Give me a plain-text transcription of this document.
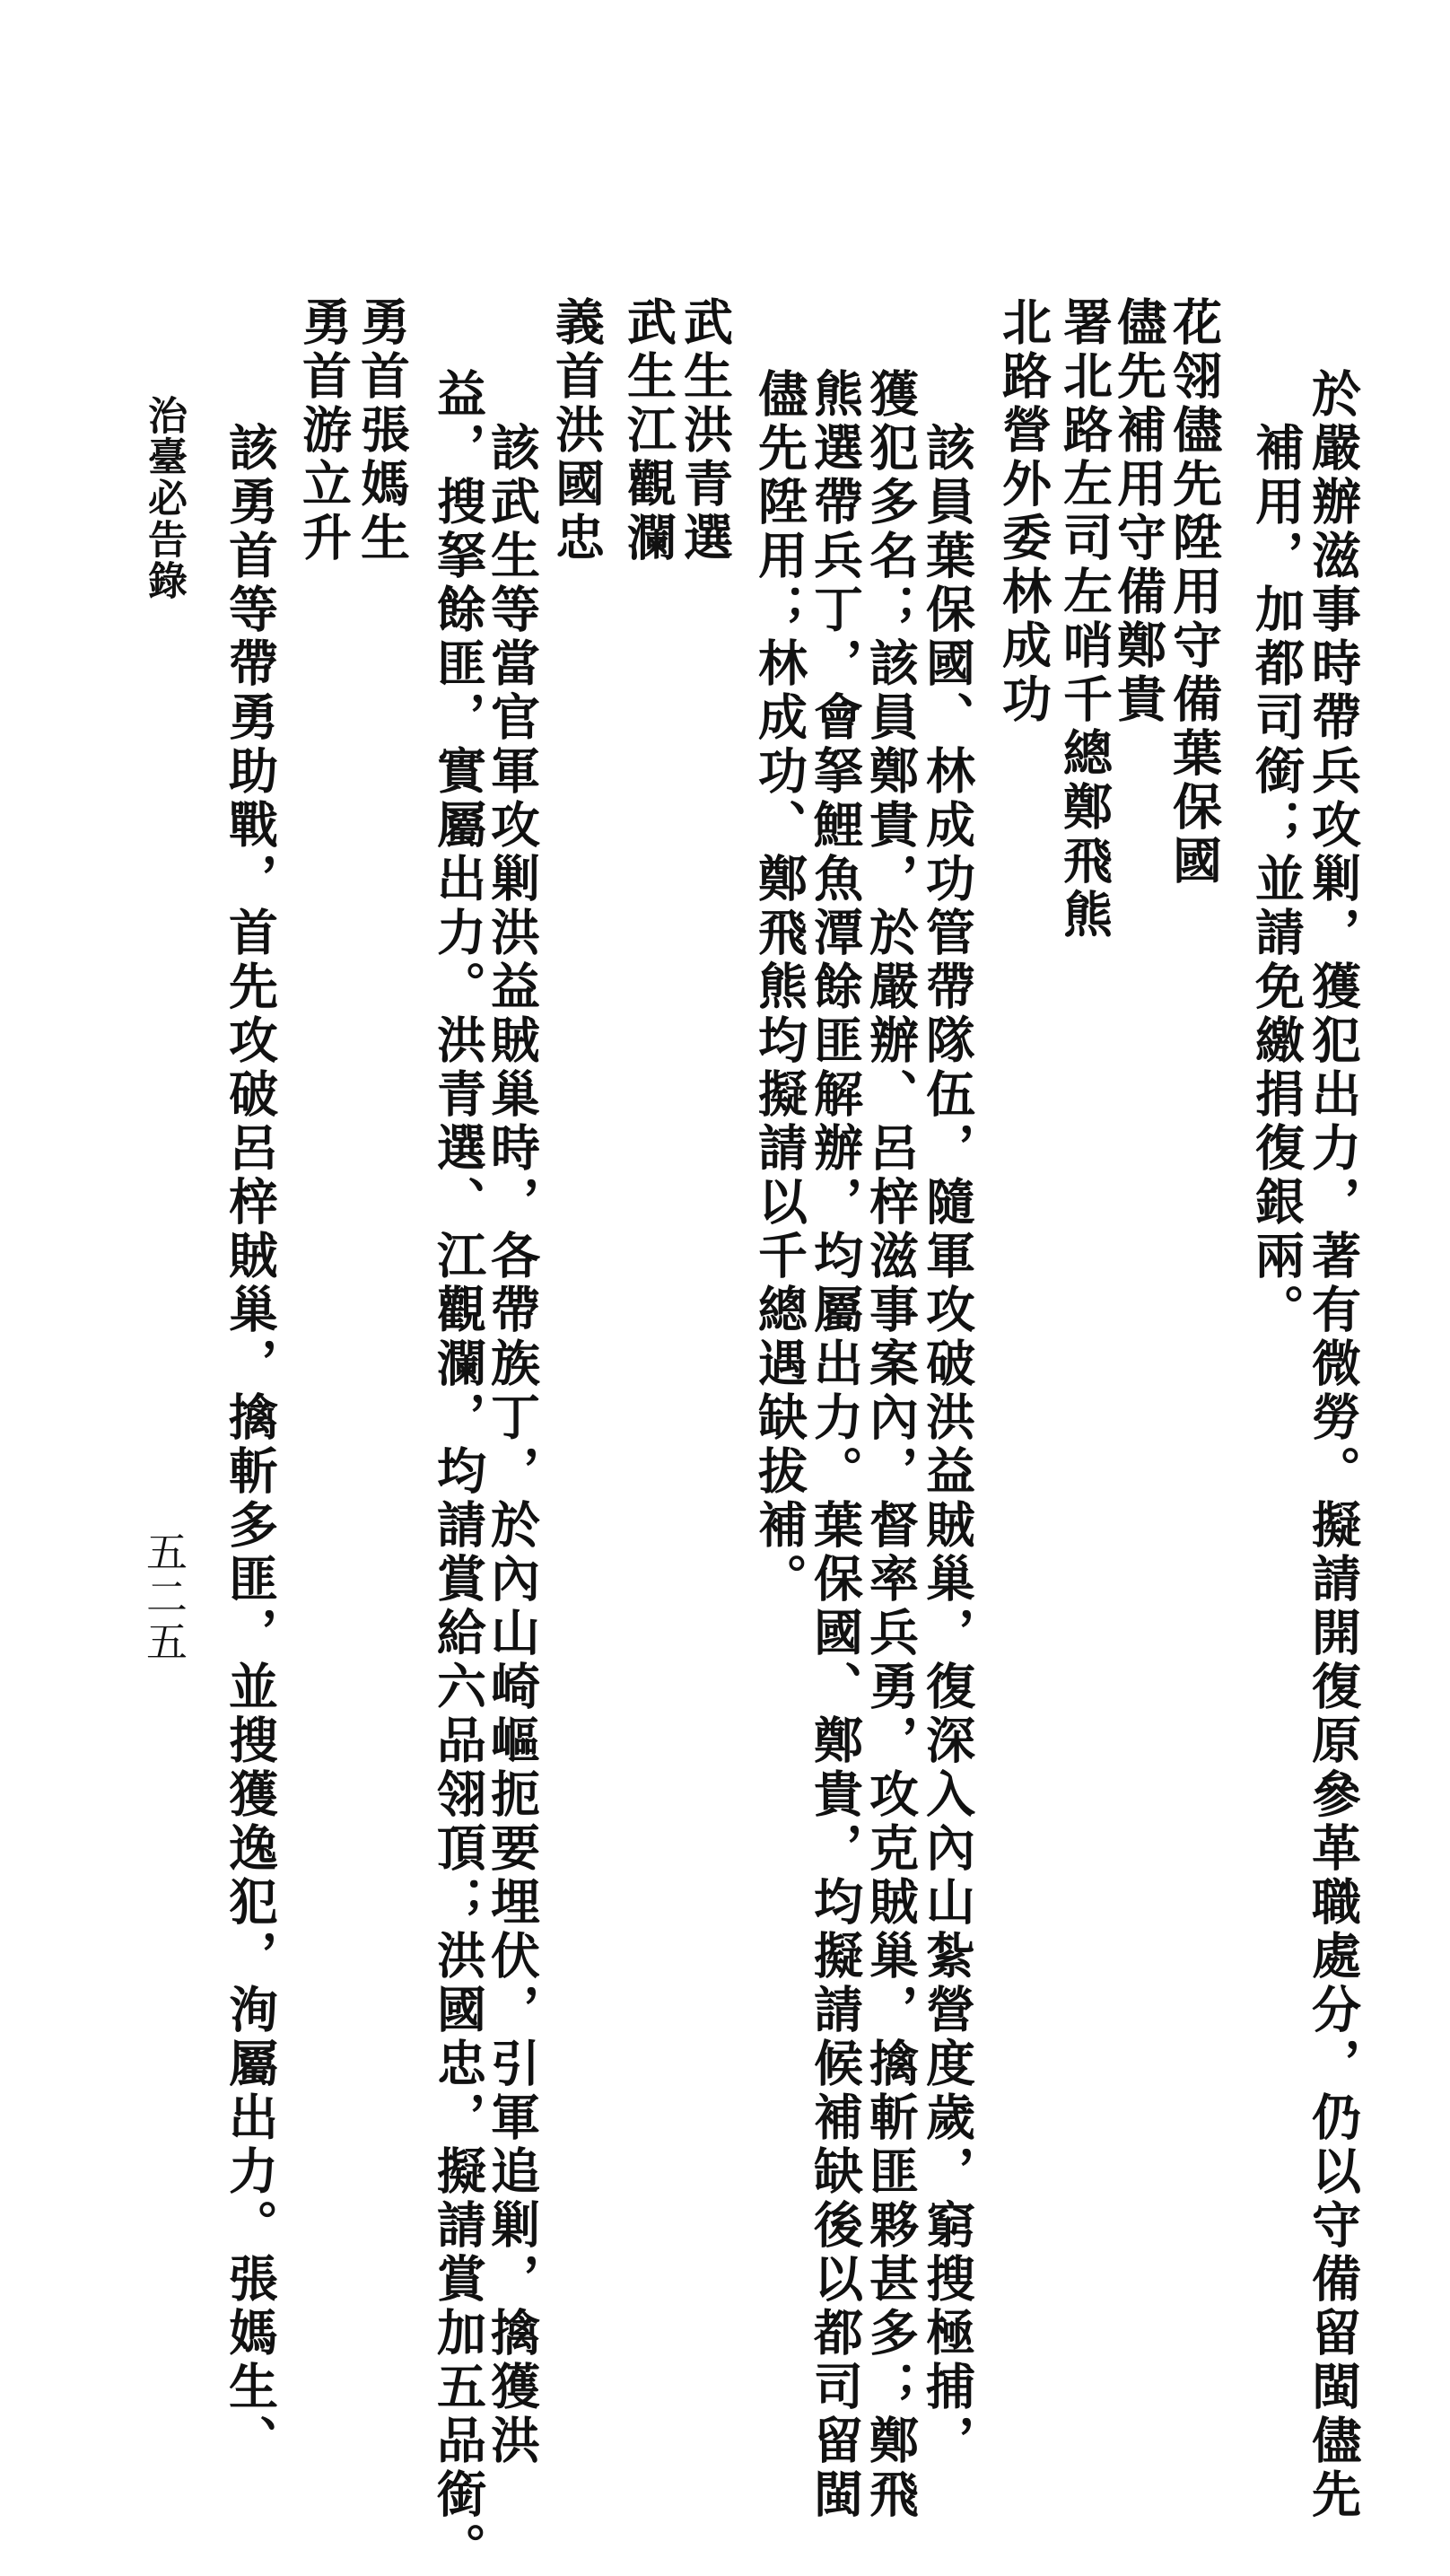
治臺必告錄
五二五	於嚴辦滋事時帶兵攻剿，獲犯出力，著有微勞。擬請開復原參革職處分，仍以守備留閩儘先
補用，加都司銜；並請免繳捐復銀兩。
花翎儘先陞用守備葉保國
儘先補用守備鄭貴
署北路左司左哨千總鄭飛熊
北路營外委林成功
該員葉保國、林成功管帶隊伍，隨軍攻破洪益賊巢，復深入內山紮營度歲，窮搜極捕，
獲犯多名；該員鄭貴，於嚴辦、呂梓滋事案內，督率兵勇，攻克賊巢，擒斬匪夥甚多；鄭飛
熊選帶兵丁，會拏鯉魚潭餘匪解辦，均屬出力。葉保國、鄭貴，均擬請候補缺後以都司留閩
儘先陞用；林成功、鄭飛熊均擬請以千總遇缺拔補。
武生洪青選
武生江觀瀾
義首洪國忠
該武生等當官軍攻剿洪益賊巢時，各帶族丁，於內山崎嶇扼要埋伏，引軍追剿，擒獲洪
益，搜拏餘匪，實屬出力。洪青選、江觀瀾，均請賞給六品翎頂；洪國忠，擬請賞加五品銜。
勇首張媽生
勇首游立升
該勇首等帶勇助戰，首先攻破呂梓賊巢，擒斬多匪，並搜獲逸犯，洵屬出力。張媽生、
